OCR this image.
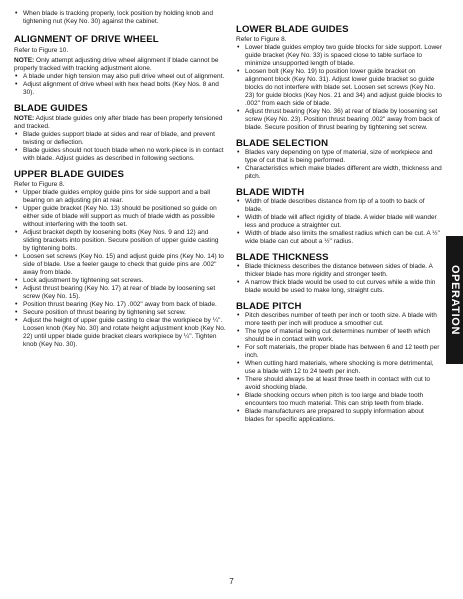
• When blade is tracking properly, lock position by holding knob and tightening nut (Key No. 30) against the cabinet.
ALIGNMENT OF DRIVE WHEEL
Refer to Figure 10.
NOTE: Only attempt adjusting drive wheel alignment if blade cannot be properly tracked with tracking adjustment alone.
• A blade under high tension may also pull drive wheel out of alignment.
• Adjust alignment of drive wheel with hex head bolts (Key Nos. 8 and 30).
BLADE GUIDES
NOTE: Adjust blade guides only after blade has been properly tensioned and tracked.
• Blade guides support blade at sides and rear of blade, and prevent twisting or deflection.
• Blade guides should not touch blade when no work-piece is in contact with blade. Adjust guides as described in following sections.
UPPER BLADE GUIDES
Refer to Figure 8.
• Upper blade guides employ guide pins for side support and a ball bearing on an adjusting pin at rear.
• Upper guide bracket (Key No. 13) should be positioned so guide on either side of blade will support as much of blade width as possible without interfering with the tooth set.
• Adjust bracket depth by loosening bolts (Key Nos. 9 and 12) and sliding brackets into position. Secure position of upper guide casting by tightening bolts.
• Loosen set screws (Key No. 15) and adjust guide pins (Key No. 14) to side of blade. Use a feeler gauge to check that guide pins are .002" away from blade.
• Lock adjustment by tightening set screws.
• Adjust thrust bearing (Key No. 17) at rear of blade by loosening set screw (Key No. 15).
• Position thrust bearing (Key No. 17) .002" away from back of blade.
• Secure position of thrust bearing by tightening set screw.
• Adjust the height of upper guide casting to clear the workpiece by ¼". Loosen knob (Key No. 30) and rotate height adjustment knob (Key No. 22) until upper blade guide bracket clears workpiece by ¼". Tighten knob (Key No. 30).
LOWER BLADE GUIDES
Refer to Figure 8.
• Lower blade guides employ two guide blocks for side support. Lower guide bracket (Key No. 33) is spaced close to table surface to minimize unsupported length of blade.
• Loosen bolt (Key No. 19) to position lower guide bracket on alignment block (Key No. 31). Adjust lower guide bracket so guide blocks do not interfere with blade set. Loosen set screws (Key No. 23) for guide blocks (Key Nos. 21 and 34) and adjust guide blocks to .002" from each side of blade.
• Adjust thrust bearing (Key No. 36) at rear of blade by loosening set screw (Key No. 23). Position thrust bearing .002" away from back of blade. Secure position of thrust bearing by tightening set screw.
BLADE SELECTION
• Blades vary depending on type of material, size of workpiece and type of cut that is being performed.
• Characteristics which make blades different are width, thickness and pitch.
BLADE WIDTH
• Width of blade describes distance from tip of a tooth to back of blade.
• Width of blade will affect rigidity of blade. A wider blade will wander less and produce a straighter cut.
• Width of blade also limits the smallest radius which can be cut. A ½" wide blade can cut about a ½" radius.
BLADE THICKNESS
• Blade thickness describes the distance between sides of blade. A thicker blade has more rigidity and stronger teeth.
• A narrow thick blade would be used to cut curves while a wide thin blade would be used to make long, straight cuts.
BLADE PITCH
• Pitch describes number of teeth per inch or tooth size. A blade with more teeth per inch will produce a smoother cut.
• The type of material being cut determines number of teeth which should be in contact with work.
• For soft materials, the proper blade has between 6 and 12 teeth per inch.
• When cutting hard materials, where shocking is more detrimental, use a blade with 12 to 24 teeth per inch.
• There should always be at least three teeth in contact with cut to avoid shocking blade.
• Blade shocking occurs when pitch is too large and blade tooth encounters too much material. This can strip teeth from blade.
• Blade manufacturers are prepared to supply information about blades for specific applications.
OPERATION
7
